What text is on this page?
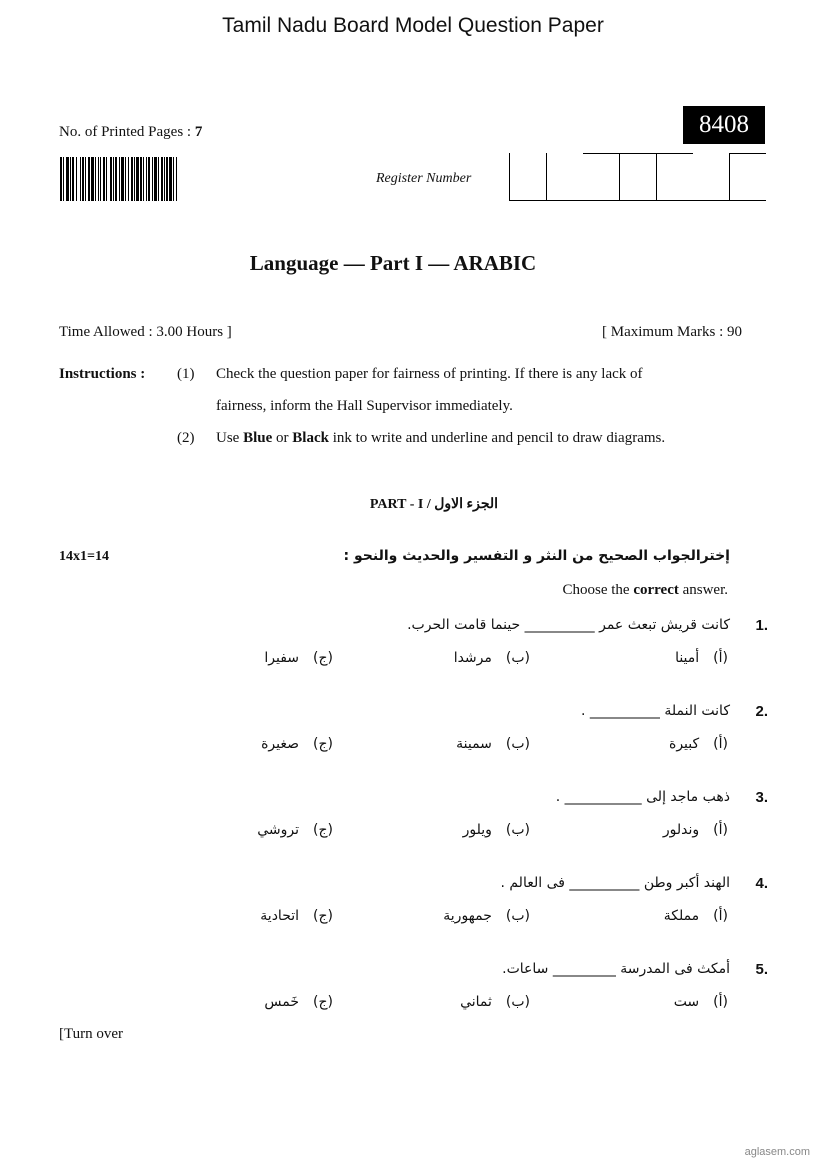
Tamil Nadu Board Model Question Paper
No. of Printed Pages : 7	8408
Register Number
Language — Part I — ARABIC
Time Allowed : 3.00 Hours ]	[ Maximum Marks : 90
Instructions : (1) Check the question paper for fairness of printing. If there is any lack of
fairness, inform the Hall Supervisor immediately.
(2) Use Blue or Black ink to write and underline and pencil to draw diagrams.
PART - I / الجزء الاول
14x1=14	إخترالجواب الصحيح من النثر و التفسير والحديث والنحو :
Choose the correct answer.
1.
كانت قريش تبعث عمر __________ حينما قامت الحرب.
(أ)أمينا
(ب)مرشدا
(ج)سفيرا
2.
كانت النملة __________ .
(أ)كبيرة
(ب)سمينة
(ج)صغيرة
3.
ذهب ماجد إلى ___________ .
(أ)وندلور
(ب)ويلور
(ج)تروشي
4.
الهند أكبر وطن __________ فى العالم .
(أ)مملكة
(ب)جمهورية
(ج)اتحادية
5.
أمكث فى المدرسة _________ ساعات.
(أ)ست
(ب)ثماني
(ج)خَمس
[Turn over
aglasem.com
